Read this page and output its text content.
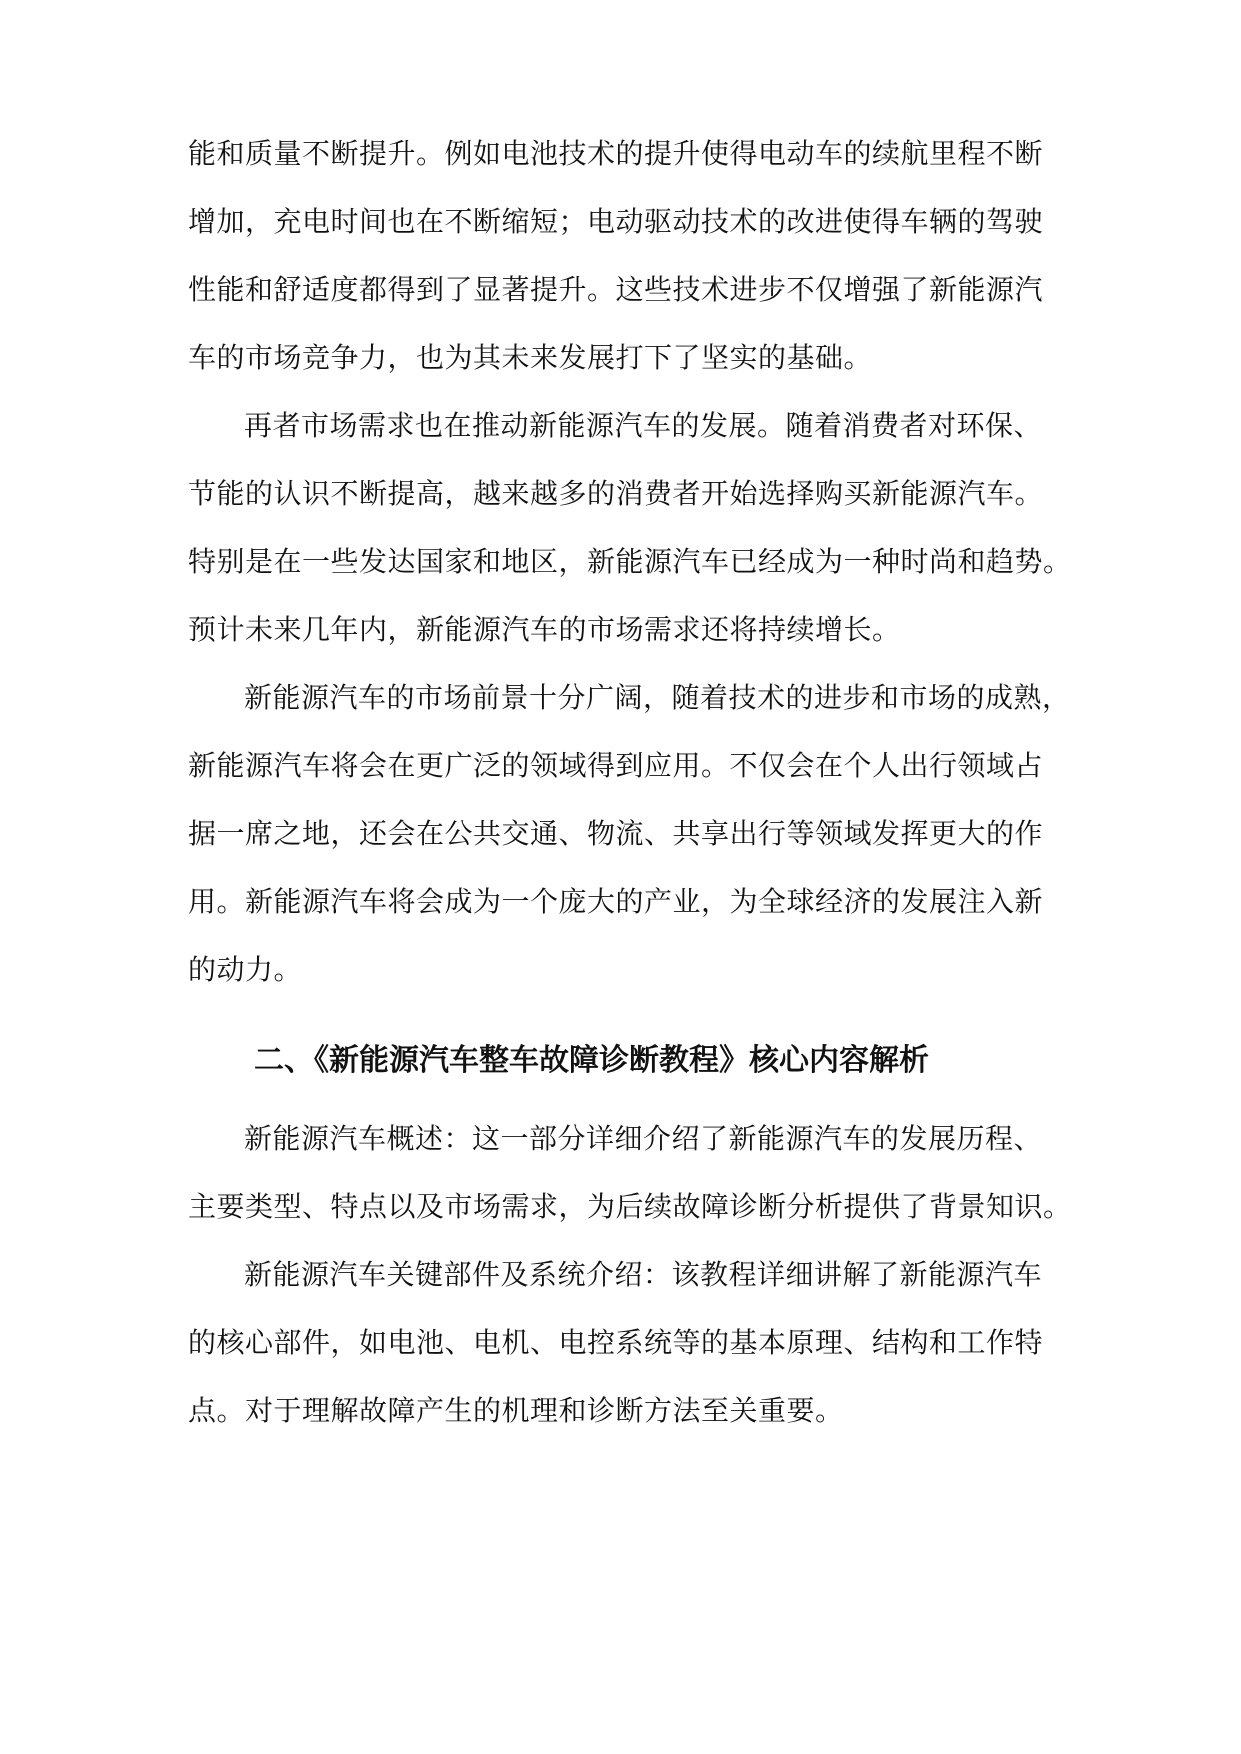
能和质量不断提升。例如电池技术的提升使得电动车的续航里程不断
增加，充电时间也在不断缩短；电动驱动技术的改进使得车辆的驾驶
性能和舒适度都得到了显著提升。这些技术进步不仅增强了新能源汽
车的市场竞争力，也为其未来发展打下了坚实的基础。
再者市场需求也在推动新能源汽车的发展。随着消费者对环保、
节能的认识不断提高，越来越多的消费者开始选择购买新能源汽车。
特别是在一些发达国家和地区，新能源汽车已经成为一种时尚和趋势。
预计未来几年内，新能源汽车的市场需求还将持续增长。
新能源汽车的市场前景十分广阔，随着技术的进步和市场的成熟，
新能源汽车将会在更广泛的领域得到应用。不仅会在个人出行领域占
据一席之地，还会在公共交通、物流、共享出行等领域发挥更大的作
用。新能源汽车将会成为一个庞大的产业，为全球经济的发展注入新
的动力。
二、《新能源汽车整车故障诊断教程》核心内容解析
新能源汽车概述：这一部分详细介绍了新能源汽车的发展历程、
主要类型、特点以及市场需求，为后续故障诊断分析提供了背景知识。
新能源汽车关键部件及系统介绍：该教程详细讲解了新能源汽车
的核心部件，如电池、电机、电控系统等的基本原理、结构和工作特
点。对于理解故障产生的机理和诊断方法至关重要。
